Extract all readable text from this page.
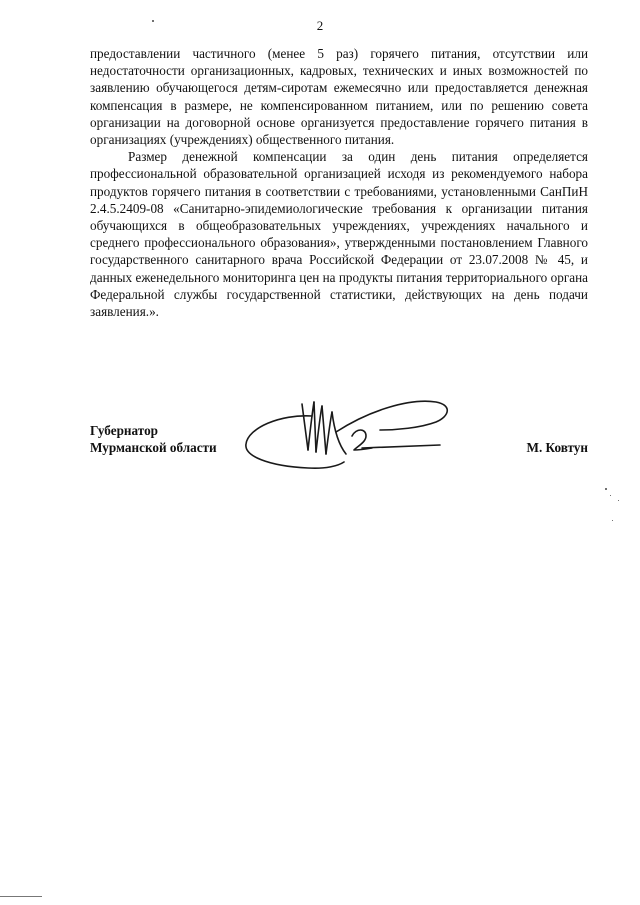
2

предоставлении частичного (менее 5 раз) горячего питания, отсутствии или недостаточности организационных, кадровых, технических и иных возможностей по заявлению обучающегося детям-сиротам ежемесячно или предоставляется денежная компенсация в размере, не компенсированном питанием, или по решению совета организации на договорной основе организуется предоставление горячего питания в организациях (учреждениях) общественного питания.

Размер денежной компенсации за один день питания определяется профессиональной образовательной организацией исходя из рекомендуемого набора продуктов горячего питания в соответствии с требованиями, установленными СанПиН 2.4.5.2409-08 «Санитарно-эпидемиологические требования к организации питания обучающихся в общеобразовательных учреждениях, учреждениях начального и среднего профессионального образования», утвержденными постановлением Главного государственного санитарного врача Российской Федерации от 23.07.2008 № 45, и данных еженедельного мониторинга цен на продукты питания территориального органа Федеральной службы государственной статистики, действующих на день подачи заявления.».

Губернатор
Мурманской области	М. Ковтун
